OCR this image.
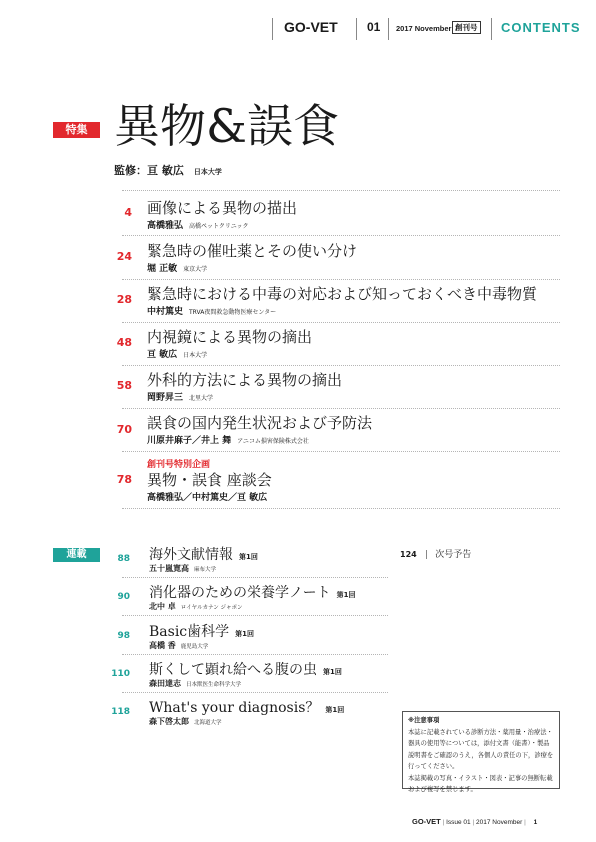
GO-VET 01 2017 November 創刊号 CONTENTS
特集 異物&誤食
監修：亘 敏広 日本大学
4 画像による異物の描出
高橋雅弘 高橋ペットクリニック
24 緊急時の催吐薬とその使い分け
堀 正敏 東京大学
28 緊急時における中毒の対応および知っておくべき中毒物質
中村篤史 TRVA夜間救急動物医療センター
48 内視鏡による異物の摘出
亘 敏広 日本大学
58 外科的方法による異物の摘出
岡野昇三 北里大学
70 誤食の国内発生状況および予防法
川原井麻子／井上 舞 アニコム損害保険株式会社
78
創刊号特別企画
異物・誤食 座談会
高橋雅弘／中村篤史／亘 敏広
連載	88 海外文献情報 第1回
五十嵐寛高 麻布大学
90 消化器のための栄養学ノート 第1回
北中 卓 ロイヤルカナン ジャポン
98 Basic歯科学 第1回
高橋 香 鹿児島大学
110 斯くして顕れ給へる腹の虫 第1回
森田達志 日本獣医生命科学大学
118 What's your diagnosis？ 第1回
森下啓太郎 北海道大学
124 次号予告
※注意事項
本誌に記載されている診断方法・薬用量・治療法・器具の使用等については，添付文書（能書）・製品説明書をご確認のうえ，各個人の責任の下，診療を行ってください。
本誌掲載の写真・イラスト・図表・記事の無断転載および複写を禁じます。
GO-VET | Issue 01 | 2017 November | 1
